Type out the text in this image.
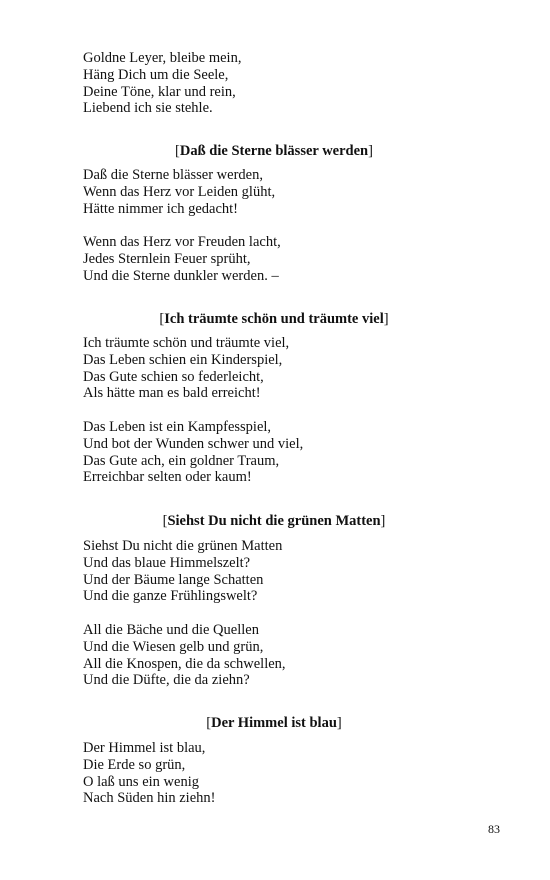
Goldne Leyer, bleibe mein,
Häng Dich um die Seele,
Deine Töne, klar und rein,
Liebend ich sie stehle.
[Daß die Sterne blässer werden]
Daß die Sterne blässer werden,
Wenn das Herz vor Leiden glüht,
Hätte nimmer ich gedacht!
Wenn das Herz vor Freuden lacht,
Jedes Sternlein Feuer sprüht,
Und die Sterne dunkler werden. –
[Ich träumte schön und träumte viel]
Ich träumte schön und träumte viel,
Das Leben schien ein Kinderspiel,
Das Gute schien so federleicht,
Als hätte man es bald erreicht!
Das Leben ist ein Kampfesspiel,
Und bot der Wunden schwer und viel,
Das Gute ach, ein goldner Traum,
Erreichbar selten oder kaum!
[Siehst Du nicht die grünen Matten]
Siehst Du nicht die grünen Matten
Und das blaue Himmelszelt?
Und der Bäume lange Schatten
Und die ganze Frühlingswelt?
All die Bäche und die Quellen
Und die Wiesen gelb und grün,
All die Knospen, die da schwellen,
Und die Düfte, die da ziehn?
[Der Himmel ist blau]
Der Himmel ist blau,
Die Erde so grün,
O laß uns ein wenig
Nach Süden hin ziehn!
83
